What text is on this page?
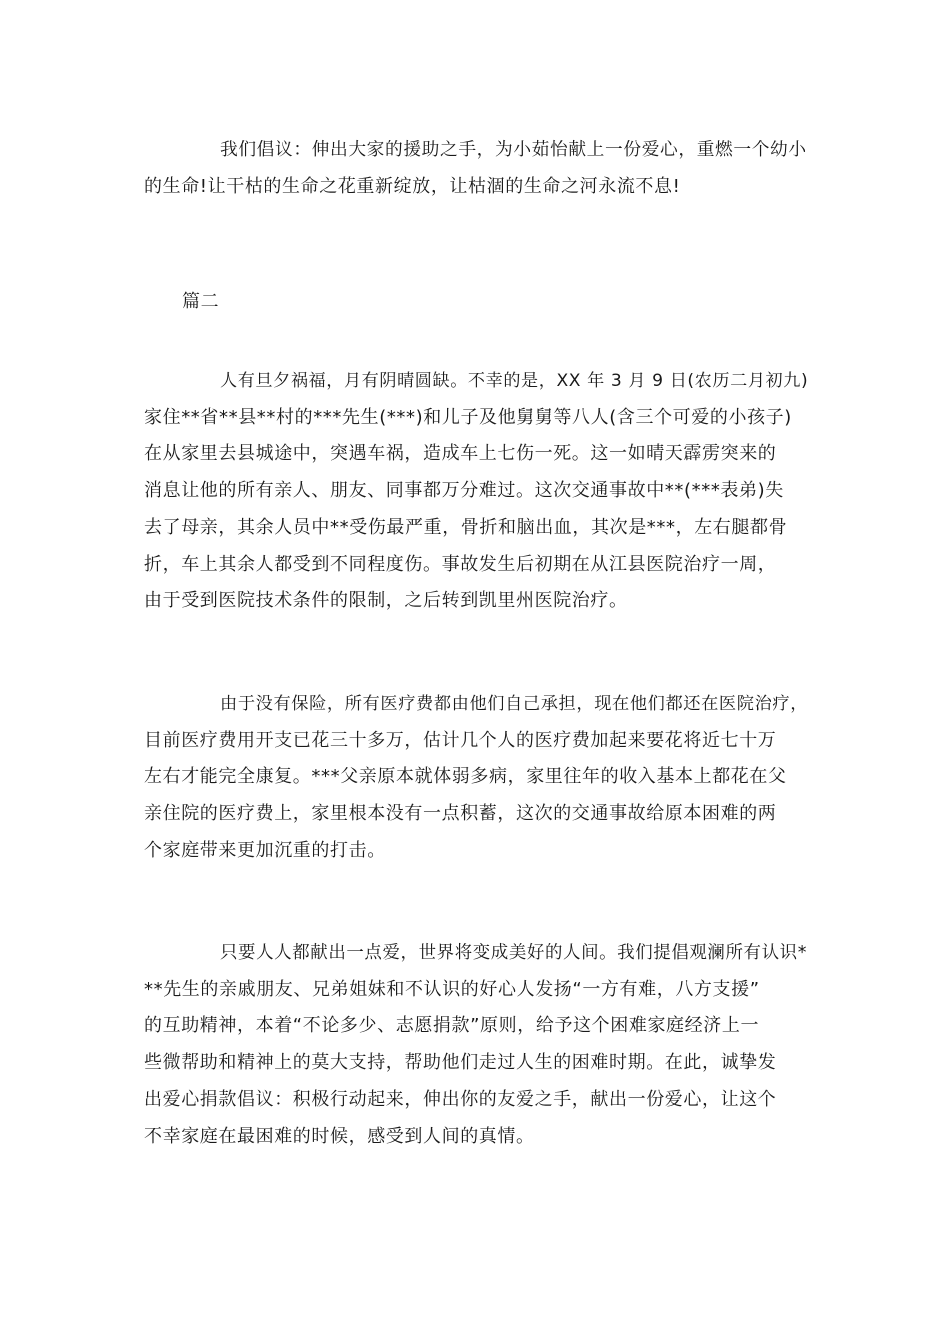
我们倡议：伸出大家的援助之手，为小茹怡献上一份爱心，重燃一个幼小
的生命!让干枯的生命之花重新绽放，让枯涸的生命之河永流不息!
篇二
人有旦夕祸福，月有阴晴圆缺。不幸的是，XX 年 3 月 9 日(农历二月初九)
家住**省**县**村的***先生(***)和儿子及他舅舅等八人(含三个可爱的小孩子)
在从家里去县城途中，突遇车祸，造成车上七伤一死。这一如晴天霹雳突来的
消息让他的所有亲人、朋友、同事都万分难过。这次交通事故中**(***表弟)失
去了母亲，其余人员中**受伤最严重，骨折和脑出血，其次是***，左右腿都骨
折，车上其余人都受到不同程度伤。事故发生后初期在从江县医院治疗一周，
由于受到医院技术条件的限制，之后转到凯里州医院治疗。
由于没有保险，所有医疗费都由他们自己承担，现在他们都还在医院治疗，
目前医疗费用开支已花三十多万，估计几个人的医疗费加起来要花将近七十万
左右才能完全康复。***父亲原本就体弱多病，家里往年的收入基本上都花在父
亲住院的医疗费上，家里根本没有一点积蓄，这次的交通事故给原本困难的两
个家庭带来更加沉重的打击。
只要人人都献出一点爱，世界将变成美好的人间。我们提倡观澜所有认识*
**先生的亲戚朋友、兄弟姐妹和不认识的好心人发扬“一方有难，八方支援”
的互助精神，本着“不论多少、志愿捐款”原则，给予这个困难家庭经济上一
些微帮助和精神上的莫大支持，帮助他们走过人生的困难时期。在此，诚挚发
出爱心捐款倡议：积极行动起来，伸出你的友爱之手，献出一份爱心，让这个
不幸家庭在最困难的时候，感受到人间的真情。
